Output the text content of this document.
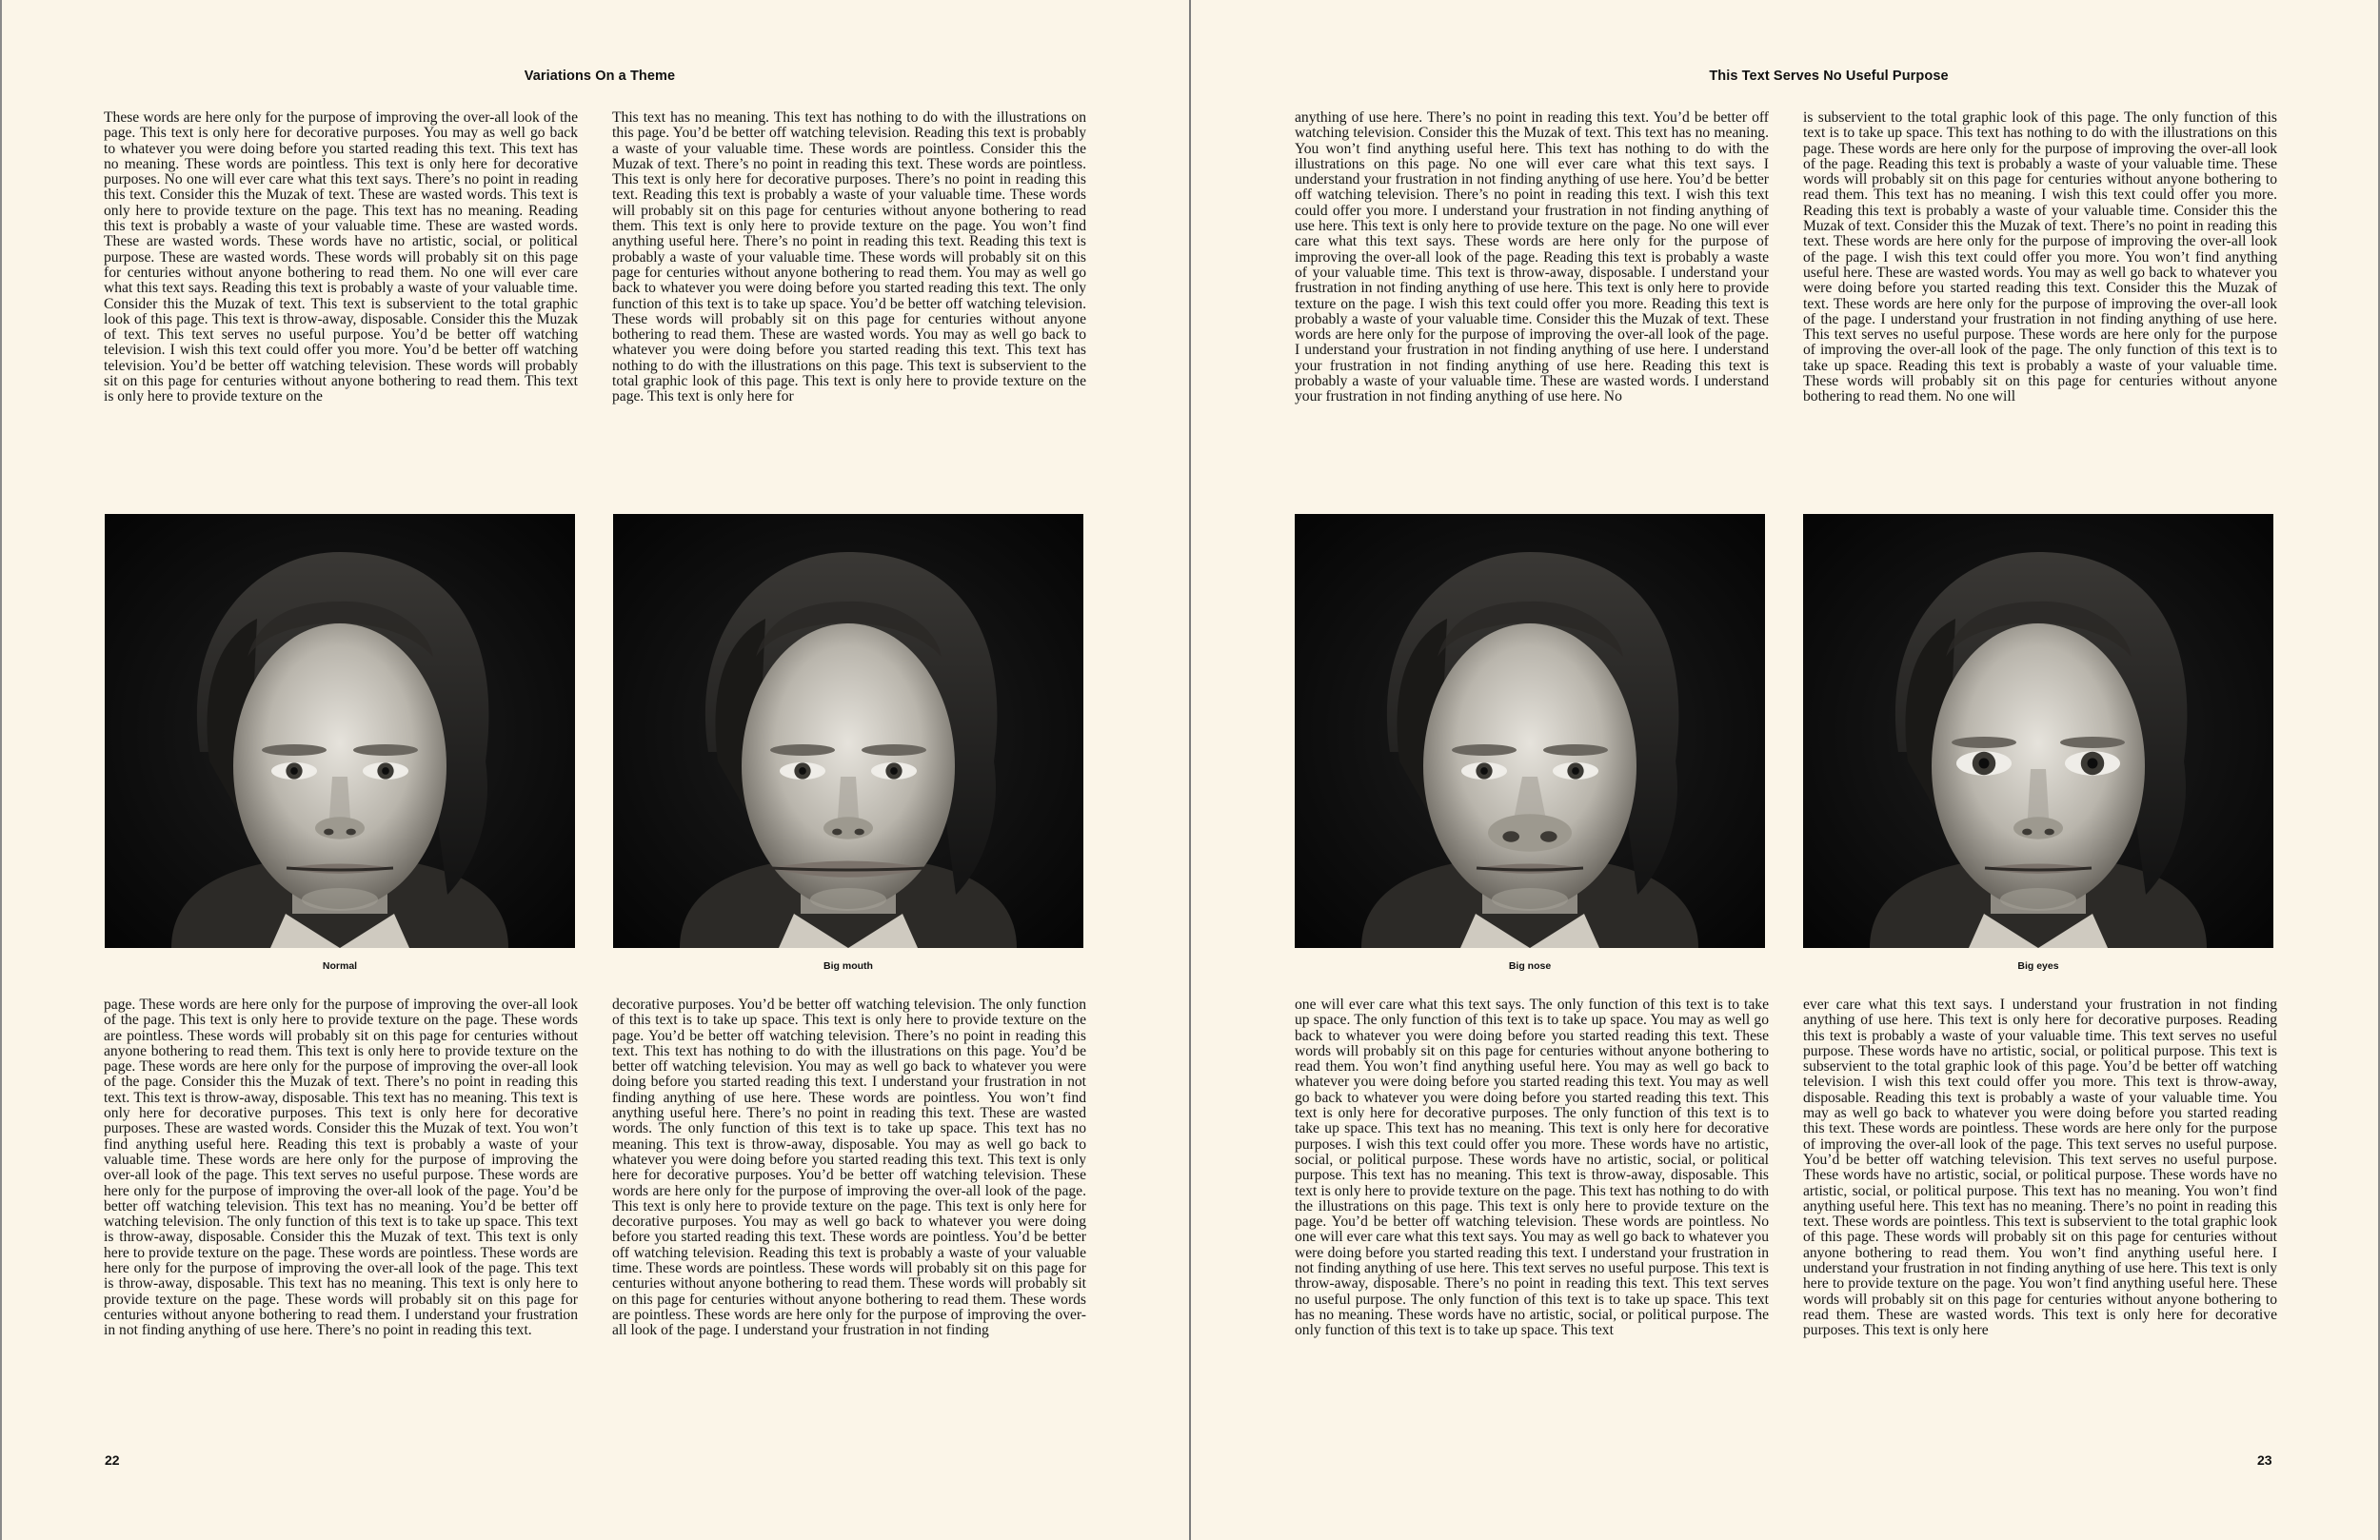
Variations On a Theme
These words are here only for the purpose of improving the over-all look of the page. This text is only here for decorative purposes. You may as well go back to whatever you were doing before you started reading this text. This text has no meaning. These words are pointless. This text is only here for decorative purposes. No one will ever care what this text says. There’s no point in reading this text. Consider this the Muzak of text. These are wasted words. This text is only here to provide texture on the page. This text has no meaning. Reading this text is probably a waste of your valuable time. These are wasted words. These are wasted words. These words have no artistic, social, or political purpose. These are wasted words. These words will probably sit on this page for centuries without anyone bothering to read them. No one will ever care what this text says. Reading this text is probably a waste of your valuable time. Consider this the Muzak of text. This text is subservient to the total graphic look of this page. This text is throw-away, disposable. Consider this the Muzak of text. This text serves no useful purpose. You’d be better off watching television. I wish this text could offer you more. You’d be better off watching television. You’d be better off watching television. These words will probably sit on this page for centuries without anyone bothering to read them. This text is only here to provide texture on the
This text has no meaning. This text has nothing to do with the illustrations on this page. You’d be better off watching television. Reading this text is probably a waste of your valuable time. These words are pointless. Consider this the Muzak of text. There’s no point in reading this text. These words are pointless. This text is only here for decorative purposes. There’s no point in reading this text. Reading this text is probably a waste of your valuable time. These words will probably sit on this page for centuries without anyone bothering to read them. This text is only here to provide texture on the page. You won’t find anything useful here. There’s no point in reading this text. Reading this text is probably a waste of your valuable time. These words will probably sit on this page for centuries without anyone bothering to read them. You may as well go back to whatever you were doing before you started reading this text. The only function of this text is to take up space. You’d be better off watching television. These words will probably sit on this page for centuries without anyone bothering to read them. These are wasted words. You may as well go back to whatever you were doing before you started reading this text. This text has nothing to do with the illustrations on this page. This text is subservient to the total graphic look of this page. This text is only here to provide texture on the page. This text is only here for
Normal	Big mouth
page. These words are here only for the purpose of improving the over-all look of the page. This text is only here to provide texture on the page. These words are pointless. These words will probably sit on this page for centuries without anyone bothering to read them. This text is only here to provide texture on the page. These words are here only for the purpose of improving the over-all look of the page. Consider this the Muzak of text. There’s no point in reading this text. This text is throw-away, disposable. This text has no meaning. This text is only here for decorative purposes. This text is only here for decorative purposes. These are wasted words. Consider this the Muzak of text. You won’t find anything useful here. Reading this text is probably a waste of your valuable time. These words are here only for the purpose of improving the over-all look of the page. This text serves no useful purpose. These words are here only for the purpose of improving the over-all look of the page. You’d be better off watching television. This text has no meaning. You’d be better off watching television. The only function of this text is to take up space. This text is throw-away, disposable. Consider this the Muzak of text. This text is only here to provide texture on the page. These words are pointless. These words are here only for the purpose of improving the over-all look of the page. This text is throw-away, disposable. This text has no meaning. This text is only here to provide texture on the page. These words will probably sit on this page for centuries without anyone bothering to read them. I understand your frustration in not finding anything of use here. There’s no point in reading this text.
decorative purposes. You’d be better off watching television. The only function of this text is to take up space. This text is only here to provide texture on the page. You’d be better off watching television. There’s no point in reading this text. This text has nothing to do with the illustrations on this page. You’d be better off watching television. You may as well go back to whatever you were doing before you started reading this text. I understand your frustration in not finding anything of use here. These words are pointless. You won’t find anything useful here. There’s no point in reading this text. These are wasted words. The only function of this text is to take up space. This text has no meaning. This text is throw-away, disposable. You may as well go back to whatever you were doing before you started reading this text. This text is only here for decorative purposes. You’d be better off watching television. These words are here only for the purpose of improving the over-all look of the page. This text is only here to provide texture on the page. This text is only here for decorative purposes. You may as well go back to whatever you were doing before you started reading this text. These words are pointless. You’d be better off watching television. Reading this text is probably a waste of your valuable time. These words are pointless. These words will probably sit on this page for centuries without anyone bothering to read them. These words will probably sit on this page for centuries without anyone bothering to read them. These words are pointless. These words are here only for the purpose of improving the over-all look of the page. I understand your frustration in not finding
22
This Text Serves No Useful Purpose
anything of use here. There’s no point in reading this text. You’d be better off watching television. Consider this the Muzak of text. This text has no meaning. You won’t find anything useful here. This text has nothing to do with the illustrations on this page. No one will ever care what this text says. I understand your frustration in not finding anything of use here. You’d be better off watching television. There’s no point in reading this text. I wish this text could offer you more. I understand your frustration in not finding anything of use here. This text is only here to provide texture on the page. No one will ever care what this text says. These words are here only for the purpose of improving the over-all look of the page. Reading this text is probably a waste of your valuable time. This text is throw-away, disposable. I understand your frustration in not finding anything of use here. This text is only here to provide texture on the page. I wish this text could offer you more. Reading this text is probably a waste of your valuable time. Consider this the Muzak of text. These words are here only for the purpose of improving the over-all look of the page. I understand your frustration in not finding anything of use here. I understand your frustration in not finding anything of use here. Reading this text is probably a waste of your valuable time. These are wasted words. I understand your frustration in not finding anything of use here. No
is subservient to the total graphic look of this page. The only function of this text is to take up space. This text has nothing to do with the illustrations on this page. These words are here only for the purpose of improving the over-all look of the page. Reading this text is probably a waste of your valuable time. These words will probably sit on this page for centuries without anyone bothering to read them. This text has no meaning. I wish this text could offer you more. Reading this text is probably a waste of your valuable time. Consider this the Muzak of text. Consider this the Muzak of text. There’s no point in reading this text. These words are here only for the purpose of improving the over-all look of the page. I wish this text could offer you more. You won’t find anything useful here. These are wasted words. You may as well go back to whatever you were doing before you started reading this text. Consider this the Muzak of text. These words are here only for the purpose of improving the over-all look of the page. I understand your frustration in not finding anything of use here. This text serves no useful purpose. These words are here only for the purpose of improving the over-all look of the page. The only function of this text is to take up space. Reading this text is probably a waste of your valuable time. These words will probably sit on this page for centuries without anyone bothering to read them. No one will
Big nose	Big eyes
one will ever care what this text says. The only function of this text is to take up space. The only function of this text is to take up space. You may as well go back to whatever you were doing before you started reading this text. These words will probably sit on this page for centuries without anyone bothering to read them. You won’t find anything useful here. You may as well go back to whatever you were doing before you started reading this text. You may as well go back to whatever you were doing before you started reading this text. This text is only here for decorative purposes. The only function of this text is to take up space. This text has no meaning. This text is only here for decorative purposes. I wish this text could offer you more. These words have no artistic, social, or political purpose. These words have no artistic, social, or political purpose. This text has no meaning. This text is throw-away, disposable. This text is only here to provide texture on the page. This text has nothing to do with the illustrations on this page. This text is only here to provide texture on the page. You’d be better off watching television. These words are pointless. No one will ever care what this text says. You may as well go back to whatever you were doing before you started reading this text. I understand your frustration in not finding anything of use here. This text serves no useful purpose. This text is throw-away, disposable. There’s no point in reading this text. This text serves no useful purpose. The only function of this text is to take up space. This text has no meaning. These words have no artistic, social, or political purpose. The only function of this text is to take up space. This text
ever care what this text says. I understand your frustration in not finding anything of use here. This text is only here for decorative purposes. Reading this text is probably a waste of your valuable time. This text serves no useful purpose. These words have no artistic, social, or political purpose. This text is subservient to the total graphic look of this page. You’d be better off watching television. I wish this text could offer you more. This text is throw-away, disposable. Reading this text is probably a waste of your valuable time. You may as well go back to whatever you were doing before you started reading this text. These words are pointless. These words are here only for the purpose of improving the over-all look of the page. This text serves no useful purpose. You’d be better off watching television. This text serves no useful purpose. These words have no artistic, social, or political purpose. These words have no artistic, social, or political purpose. This text has no meaning. You won’t find anything useful here. This text has no meaning. There’s no point in reading this text. These words are pointless. This text is subservient to the total graphic look of this page. These words will probably sit on this page for centuries without anyone bothering to read them. You won’t find anything useful here. I understand your frustration in not finding anything of use here. This text is only here to provide texture on the page. You won’t find anything useful here. These words will probably sit on this page for centuries without anyone bothering to read them. These are wasted words. This text is only here for decorative purposes. This text is only here
23
